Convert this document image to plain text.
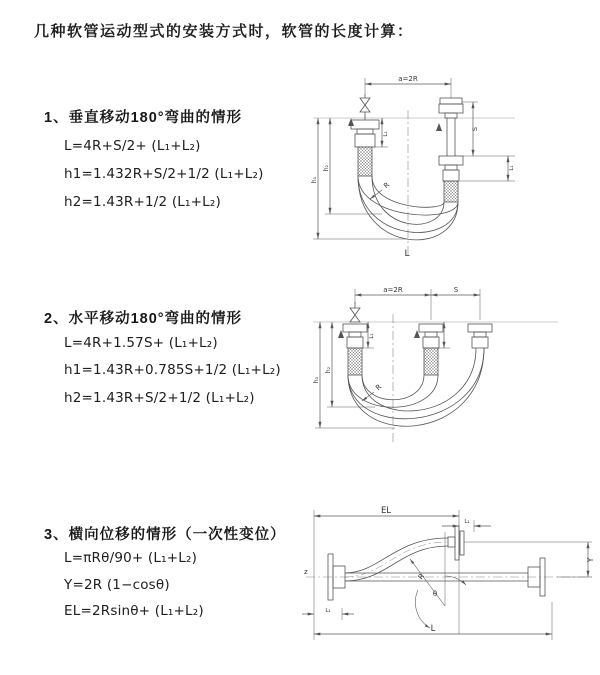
几种软管运动型式的安装方式时，软管的长度计算：
1、垂直移动180°弯曲的情形
L=4R+S/2+ (L₁+L₂)
h1=1.432R+S/2+1/2 (L₁+L₂)
h2=1.43R+1/2 (L₁+L₂)
2、水平移动180°弯曲的情形
L=4R+1.57S+ (L₁+L₂)
h1=1.43R+0.785S+1/2 (L₁+L₂)
h2=1.43R+S/2+1/2 (L₁+L₂)
3、横向位移的情形（一次性变位）
L=πRθ/90+ (L₁+L₂)
Y=2R (1−cosθ)
EL=2Rsinθ+ (L₁+L₂)
a=2R
L₁
S
L₁
h₁
h₂
R
L
a=2R	S
L₁
h₁
h₂
R
z
EL
L₁
R
θ
Y
L
L₁
